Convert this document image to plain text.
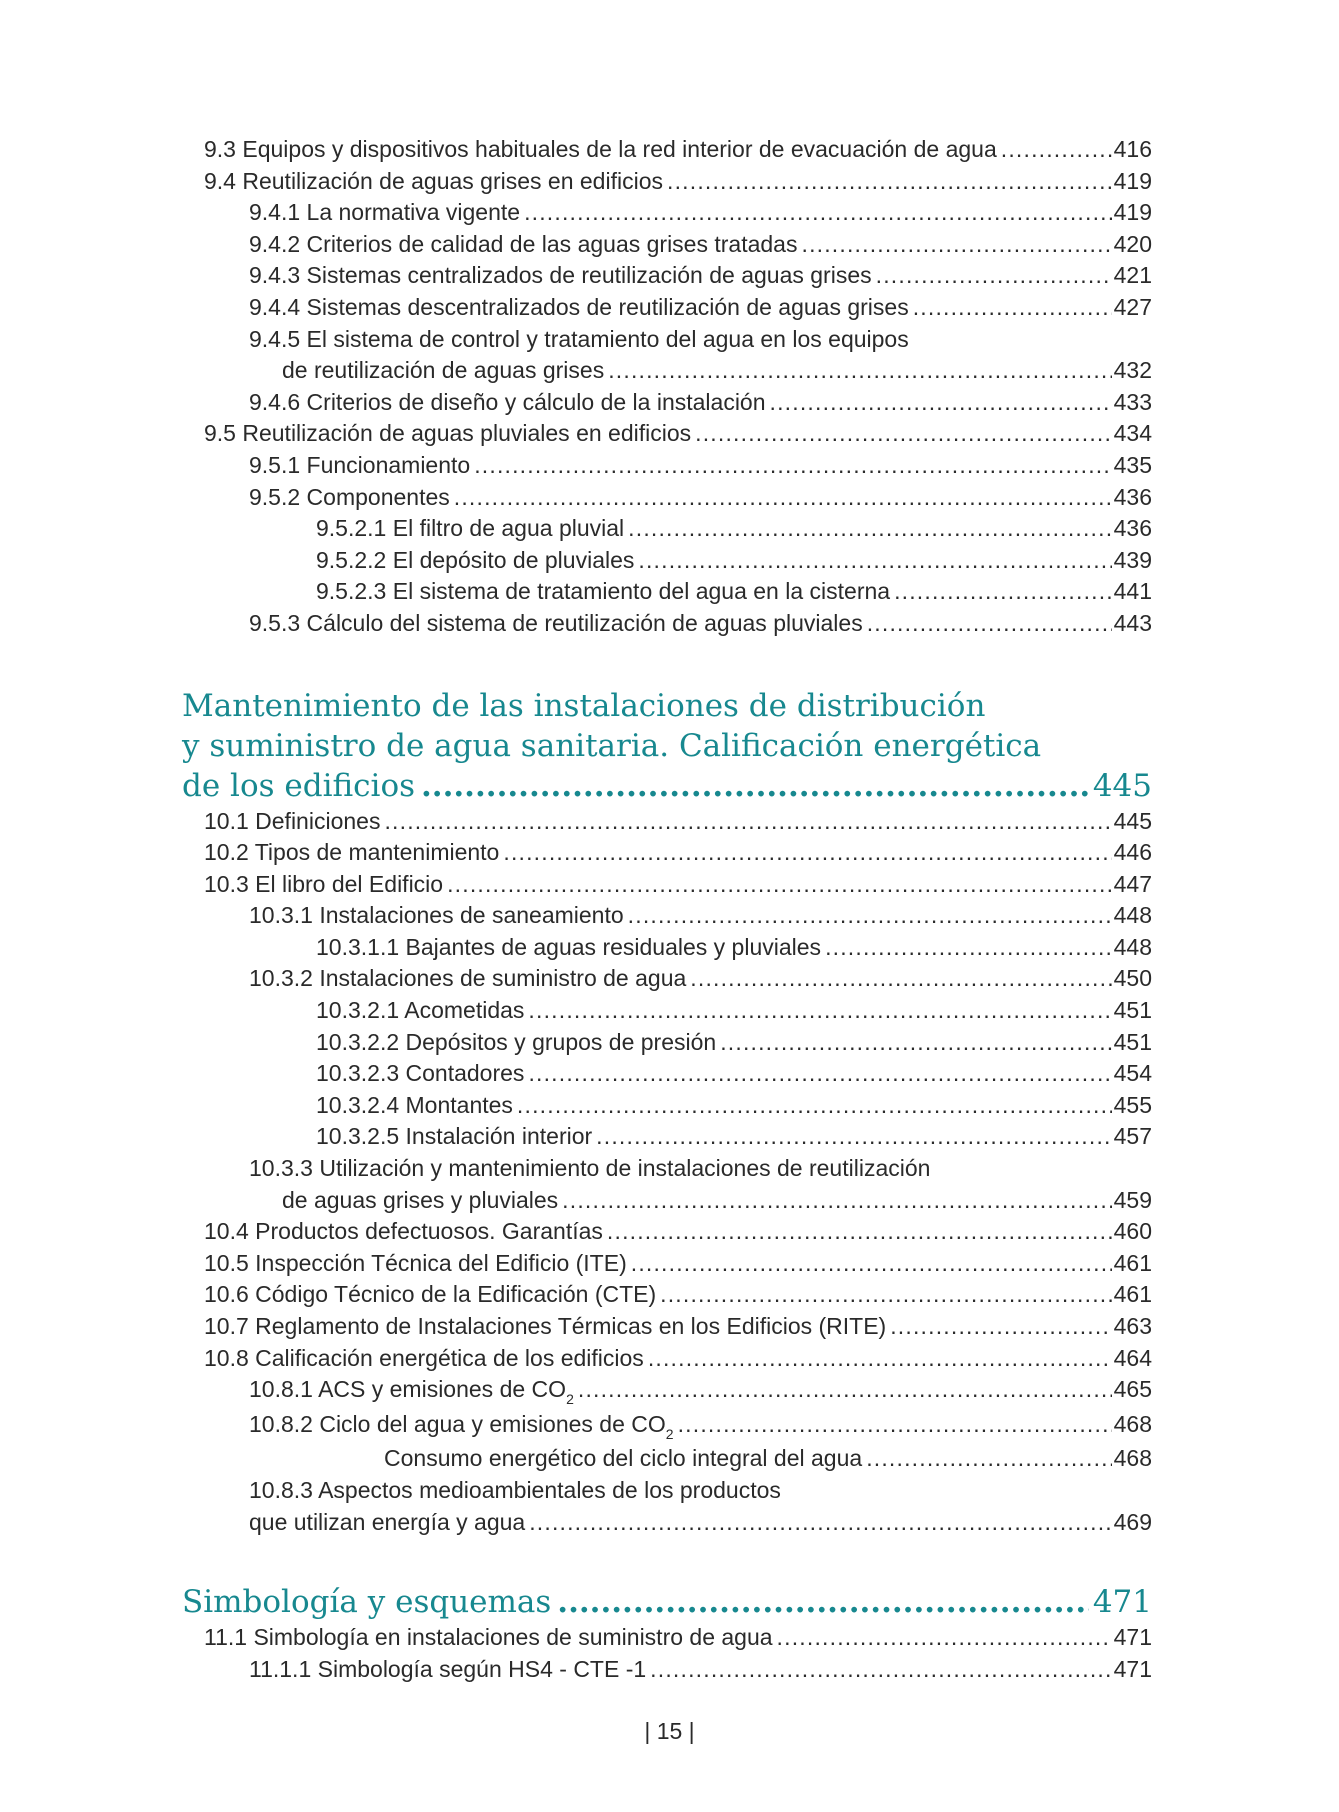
9.3 Equipos y dispositivos habituales de la red interior de evacuación de agua . . .	416
9.4 Reutilización de aguas grises en edificios . . .	419
9.4.1 La normativa vigente . . .	419
9.4.2 Criterios de calidad de las aguas grises tratadas . . .	420
9.4.3 Sistemas centralizados de reutilización de aguas grises . . .	421
9.4.4 Sistemas descentralizados de reutilización de aguas grises . . .	427
9.4.5 El sistema de control y tratamiento del agua en los equipos
de reutilización de aguas grises . . .	432
9.4.6 Criterios de diseño y cálculo de la instalación . . .	433
9.5 Reutilización de aguas pluviales en edificios . . .	434
9.5.1 Funcionamiento . . .	435
9.5.2 Componentes . . .	436
9.5.2.1 El filtro de agua pluvial . . .	436
9.5.2.2 El depósito de pluviales . . .	439
9.5.2.3 El sistema de tratamiento del agua en la cisterna . . .	441
9.5.3 Cálculo del sistema de reutilización de aguas pluviales . . .	443
Mantenimiento de las instalaciones de distribución
y suministro de agua sanitaria. Calificación energética
de los edificios .....	445
10.1 Definiciones . . .	445
10.2 Tipos de mantenimiento . . .	446
10.3 El libro del Edificio . . .	447
10.3.1 Instalaciones de saneamiento . . .	448
10.3.1.1 Bajantes de aguas residuales y pluviales . . .	448
10.3.2 Instalaciones de suministro de agua . . .	450
10.3.2.1 Acometidas . . .	451
10.3.2.2 Depósitos y grupos de presión . . .	451
10.3.2.3 Contadores . . .	454
10.3.2.4 Montantes . . .	455
10.3.2.5 Instalación interior . . .	457
10.3.3 Utilización y mantenimiento de instalaciones de reutilización
de aguas grises y pluviales . . .	459
10.4 Productos defectuosos. Garantías . . .	460
10.5 Inspección Técnica del Edificio (ITE) . . .	461
10.6 Código Técnico de la Edificación (CTE) . . .	461
10.7 Reglamento de Instalaciones Térmicas en los Edificios (RITE) . . .	463
10.8 Calificación energética de los edificios . . .	464
10.8.1 ACS y emisiones de CO 2 . . .	465
10.8.2 Ciclo del agua y emisiones de CO 2 . . .	468
Consumo energético del ciclo integral del agua . . .	468
10.8.3 Aspectos medioambientales de los productos
que utilizan energía y agua . . .	469
Simbología y esquemas .....	471
11.1 Simbología en instalaciones de suministro de agua . . .	471
11.1.1 Simbología según HS4 - CTE -1 . . .	471
| 15 |
